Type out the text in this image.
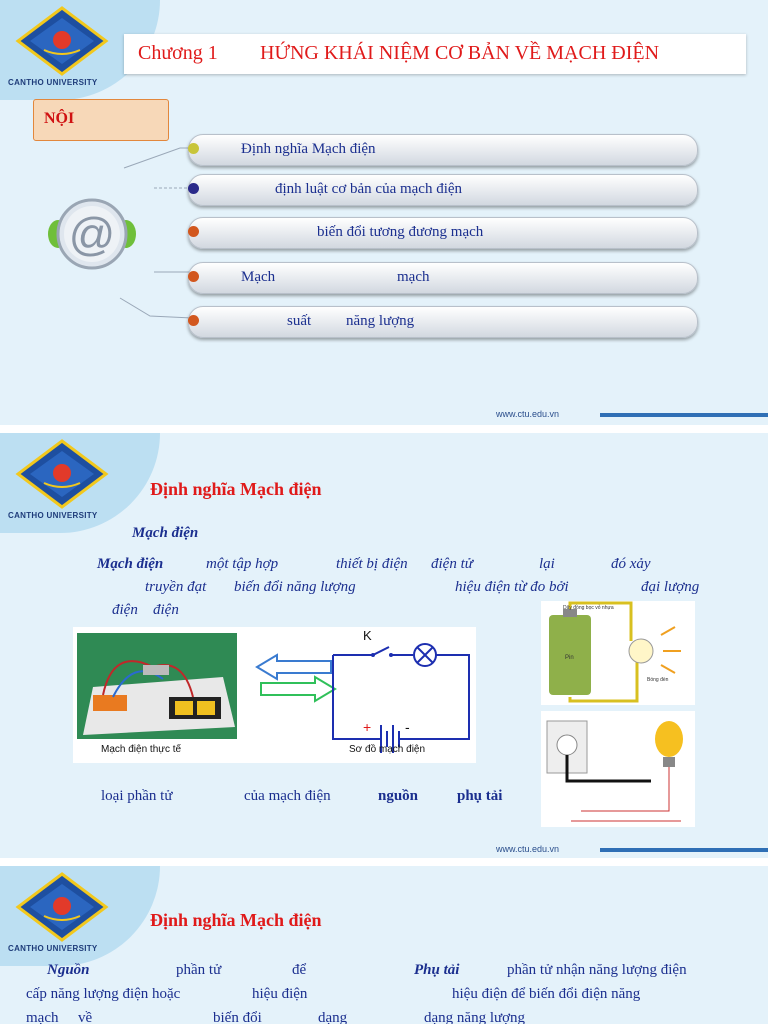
CANTHO UNIVERSITY
Chương 1 HỨNG KHÁI NIỆM CƠ BẢN VỀ MẠCH ĐIỆN
NỘI
@
Định nghĩa Mạch điện
định luật cơ bản của mạch điện
biến đổi tương đương mạch
Mạch	mạch
suất năng lượng
www.ctu.edu.vn
CANTHO UNIVERSITY
Định nghĩa Mạch điện
Mạch điện
Mạch điện	một tập hợp	thiết bị điện điện tử	lại	đó xảy
truyền đạt biến đổi năng lượng	hiệu điện từ đo bởi	đại lượng
điện điện
K
+ -
Mạch điện thực tế	Sơ đồ mạch điện
Dây đồng bọc vỏ nhựa
Pin
Bóng đèn
loại phần tử	của mạch điện	nguồn	phụ tải
www.ctu.edu.vn
CANTHO UNIVERSITY
Định nghĩa Mạch điện
Nguồn	phần tử	để	Phụ tải	phần tử nhận năng lượng điện
cấp năng lượng điện hoặc	hiệu điện	hiệu điện để biến đổi điện năng
mạch về	biến đổi	dạng	dạng năng lượng
